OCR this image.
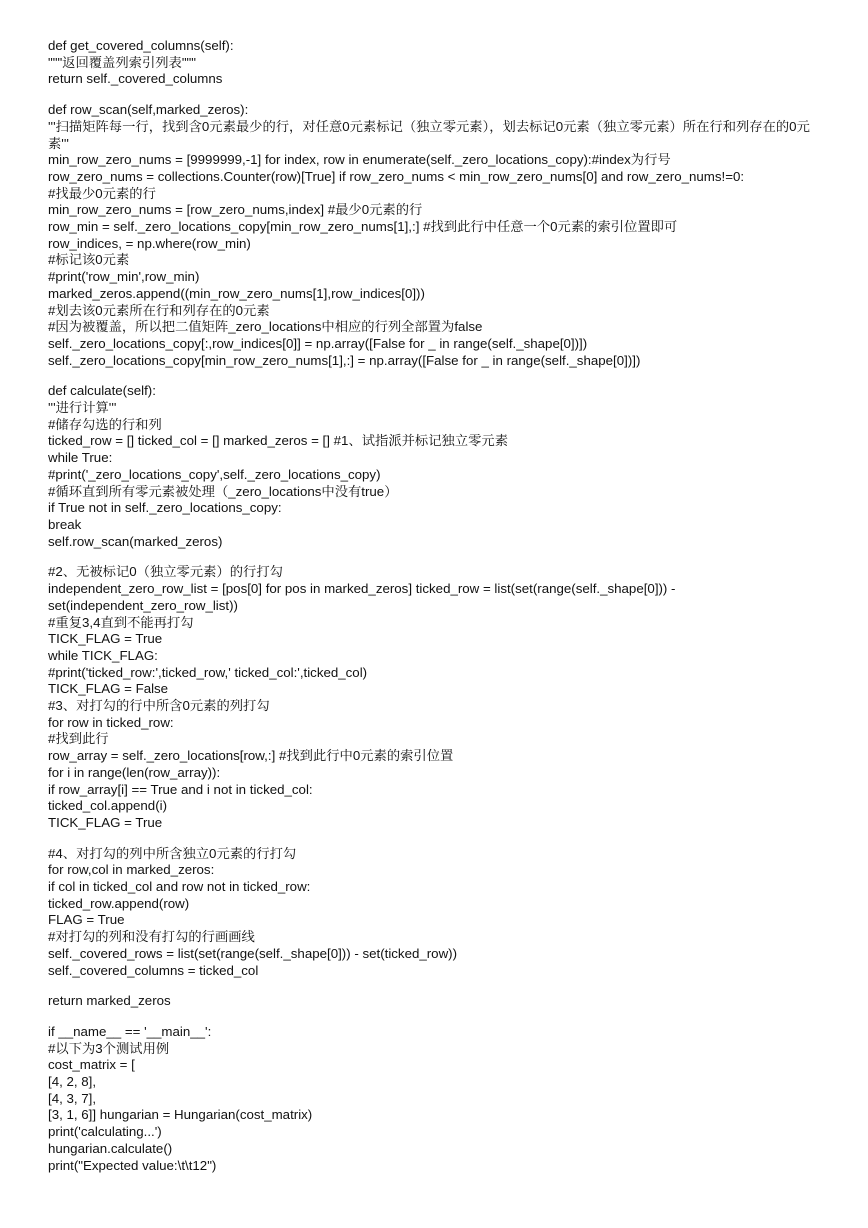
def get_covered_columns(self):
"""返回覆盖列索引列表"""
return self._covered_columns
def row_scan(self,marked_zeros):
'''扫描矩阵每一行，找到含0元素最少的行，对任意0元素标记（独立零元素），划去标记0元素（独立零元素）所在行和列存在的0元素'''
min_row_zero_nums = [9999999,-1] for index, row in enumerate(self._zero_locations_copy):#index为行号
row_zero_nums = collections.Counter(row)[True] if row_zero_nums < min_row_zero_nums[0] and row_zero_nums!=0:
#找最少0元素的行
min_row_zero_nums = [row_zero_nums,index] #最少0元素的行
row_min = self._zero_locations_copy[min_row_zero_nums[1],:] #找到此行中任意一个0元素的索引位置即可
row_indices, = np.where(row_min)
#标记该0元素
#print('row_min',row_min)
marked_zeros.append((min_row_zero_nums[1],row_indices[0]))
#划去该0元素所在行和列存在的0元素
#因为被覆盖，所以把二值矩阵_zero_locations中相应的行列全部置为false
self._zero_locations_copy[:,row_indices[0]] = np.array([False for _ in range(self._shape[0])])
self._zero_locations_copy[min_row_zero_nums[1],:] = np.array([False for _ in range(self._shape[0])])
def calculate(self):
'''进行计算'''
#储存勾选的行和列
ticked_row = [] ticked_col = [] marked_zeros = [] #1、试指派并标记独立零元素
while True:
#print('_zero_locations_copy',self._zero_locations_copy)
#循环直到所有零元素被处理（_zero_locations中没有true）
if True not in self._zero_locations_copy:
break
self.row_scan(marked_zeros)
#2、无被标记0（独立零元素）的行打勾
independent_zero_row_list = [pos[0] for pos in marked_zeros] ticked_row = list(set(range(self._shape[0])) - set(independent_zero_row_list))
#重复3,4直到不能再打勾
TICK_FLAG = True
while TICK_FLAG:
#print('ticked_row:',ticked_row,' ticked_col:',ticked_col)
TICK_FLAG = False
#3、对打勾的行中所含0元素的列打勾
for row in ticked_row:
#找到此行
row_array = self._zero_locations[row,:] #找到此行中0元素的索引位置
for i in range(len(row_array)):
if row_array[i] == True and i not in ticked_col:
ticked_col.append(i)
TICK_FLAG = True
#4、对打勾的列中所含独立0元素的行打勾
for row,col in marked_zeros:
if col in ticked_col and row not in ticked_row:
ticked_row.append(row)
FLAG = True
#对打勾的列和没有打勾的行画画线
self._covered_rows = list(set(range(self._shape[0])) - set(ticked_row))
self._covered_columns = ticked_col
return marked_zeros
if __name__ == '__main__':
#以下为3个测试用例
cost_matrix = [
[4, 2, 8],
[4, 3, 7],
[3, 1, 6]] hungarian = Hungarian(cost_matrix)
print('calculating...')
hungarian.calculate()
print("Expected value:\t\t12")
